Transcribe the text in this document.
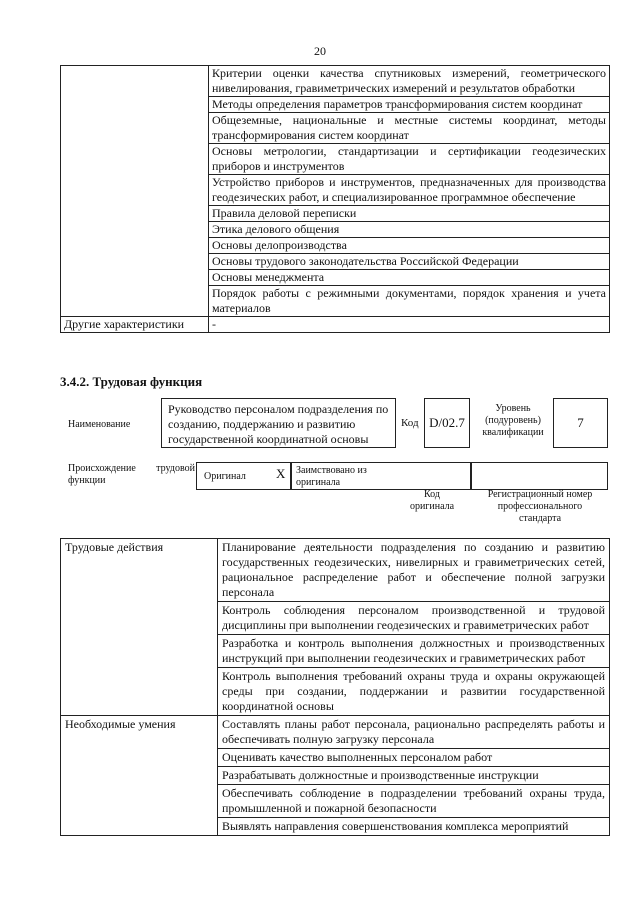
20
	Критерии оценки качества спутниковых измерений, геометрического нивелирования, гравиметрических измерений и результатов обработки
	Методы определения параметров трансформирования систем координат
	Общеземные, национальные и местные системы координат, методы трансформирования систем координат
	Основы метрологии, стандартизации и сертификации геодезических приборов и инструментов
	Устройство приборов и инструментов, предназначенных для производства геодезических работ, и специализированное программное обеспечение
	Правила деловой переписки
	Этика делового общения
	Основы делопроизводства
	Основы трудового законодательства Российской Федерации
	Основы менеджмента
	Порядок работы с режимными документами, порядок хранения и учета материалов
Другие характеристики	-
3.4.2. Трудовая функция
Наименование
Руководство персоналом подразделения по созданию, поддержанию и развитию государственной координатной основы
Код D/02.7
Уровень (подуровень) квалификации
7
Происхождение трудовой функции	Оригинал X Заимствовано из оригинала
Код оригинала
Регистрационный номер профессионального стандарта
Трудовые действия	Планирование деятельности подразделения по созданию и развитию государственных геодезических, нивелирных и гравиметрических сетей, рациональное распределение работ и обеспечение полной загрузки персонала
	Контроль соблюдения персоналом производственной и трудовой дисциплины при выполнении геодезических и гравиметрических работ
	Разработка и контроль выполнения должностных и производственных инструкций при выполнении геодезических и гравиметрических работ
	Контроль выполнения требований охраны труда и охраны окружающей среды при создании, поддержании и развитии государственной координатной основы
Необходимые умения	Составлять планы работ персонала, рационально распределять работы и обеспечивать полную загрузку персонала
	Оценивать качество выполненных персоналом работ
	Разрабатывать должностные и производственные инструкции
	Обеспечивать соблюдение в подразделении требований охраны труда, промышленной и пожарной безопасности
	Выявлять направления совершенствования комплекса мероприятий
